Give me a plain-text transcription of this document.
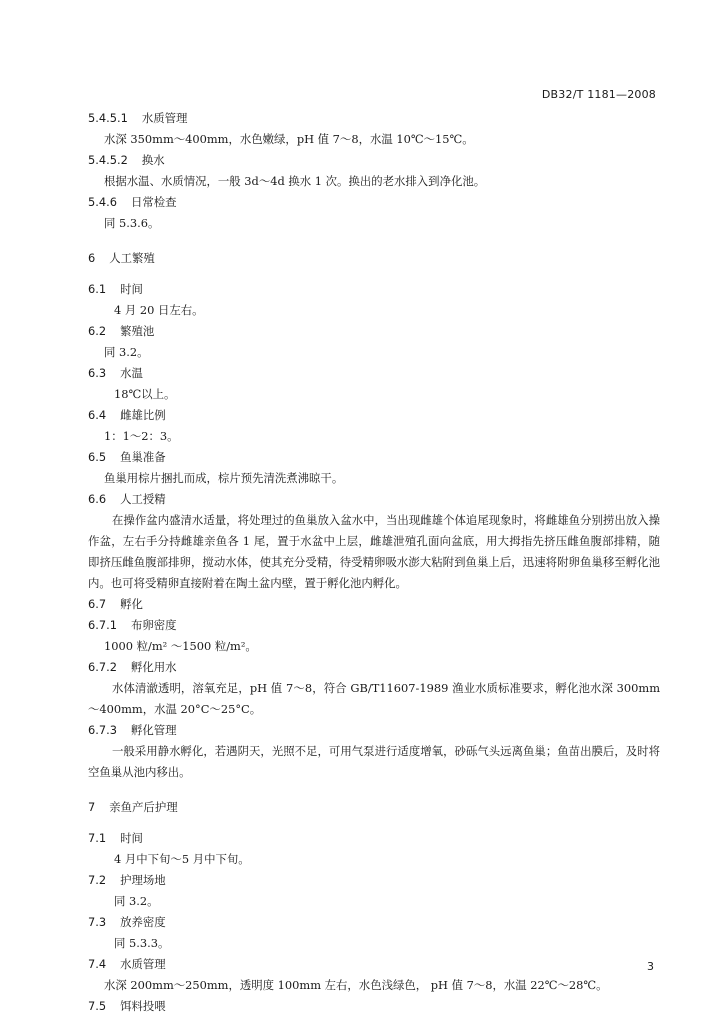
DB32/T 1181—2008
5.4.5.1 水质管理
水深 350mm～400mm，水色嫩绿，pH 值 7～8，水温 10℃～15℃。
5.4.5.2 换水
根据水温、水质情况，一般 3d～4d 换水 1 次。换出的老水排入到净化池。
5.4.6 日常检查
同 5.3.6。
6 人工繁殖
6.1 时间
4 月 20 日左右。
6.2 繁殖池
同 3.2。
6.3 水温
18℃以上。
6.4 雌雄比例
1：1～2：3。
6.5 鱼巢准备
鱼巢用棕片捆扎而成，棕片预先清洗煮沸晾干。
6.6 人工授精
在操作盆内盛清水适量，将处理过的鱼巢放入盆水中，当出现雌雄个体追尾现象时，将雌雄鱼分别捞出放入操作盆，左右手分持雌雄亲鱼各 1 尾，置于水盆中上层，雌雄泄殖孔面向盆底，用大拇指先挤压雌鱼腹部排精，随即挤压雌鱼腹部排卵，搅动水体，使其充分受精，待受精卵吸水澎大粘附到鱼巢上后，迅速将附卵鱼巢移至孵化池内。也可将受精卵直接附着在陶土盆内壁，置于孵化池内孵化。
6.7 孵化
6.7.1 布卵密度
1000 粒/m² ～1500 粒/m²。
6.7.2 孵化用水
水体清澈透明，溶氧充足，pH 值 7～8，符合 GB/T11607-1989 渔业水质标准要求，孵化池水深 300mm～400mm，水温 20°C～25°C。
6.7.3 孵化管理
一般采用静水孵化，若遇阴天，光照不足，可用气泵进行适度增氧，砂砾气头远离鱼巢；鱼苗出膜后，及时将空鱼巢从池内移出。
7 亲鱼产后护理
7.1 时间
4 月中下旬～5 月中下旬。
7.2 护理场地
同 3.2。
7.3 放养密度
同 5.3.3。
7.4 水质管理
水深 200mm～250mm，透明度 100mm 左右，水色浅绿色， pH 值 7～8，水温 22℃～28℃。
7.5 饵料投喂
3
